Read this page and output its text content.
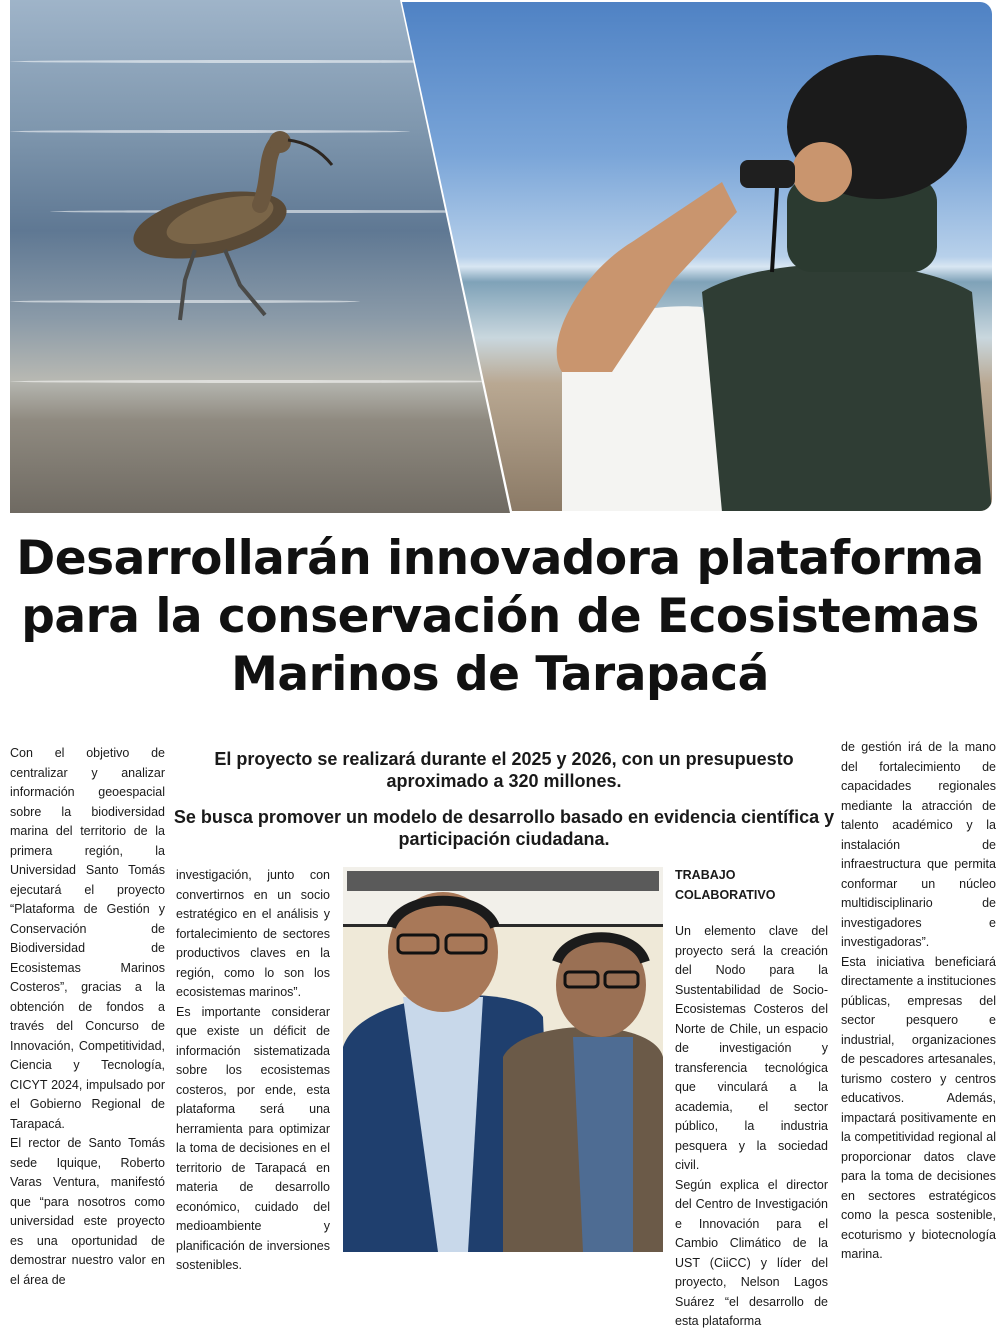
Desarrollarán innovadora plataforma para la conservación de Ecosistemas Marinos de Tarapacá

El proyecto se realizará durante el 2025 y 2026, con un presupuesto aproximado a 320 millones.

Se busca promover un modelo de desarrollo basado en evidencia científica y participación ciudadana.

Con el objetivo de centralizar y analizar información geoespacial sobre la biodiversidad marina del territorio de la primera región, la Universidad Santo Tomás ejecutará el proyecto “Plataforma de Gestión y Conservación de Biodiversidad de Ecosistemas Marinos Costeros”, gracias a la obtención de fondos a través del Concurso de Innovación, Competitividad, Ciencia y Tecnología, CICYT 2024, impulsado por el Gobierno Regional de Tarapacá.

El rector de Santo Tomás sede Iquique, Roberto Varas Ventura, manifestó que “para nosotros como universidad este proyecto es una oportunidad de demostrar nuestro valor en el área de

investigación, junto con convertirnos en un socio estratégico en el análisis y fortalecimiento de sectores productivos claves en la región, como lo son los ecosistemas marinos”.

Es importante considerar que existe un déficit de información sistematizada sobre los ecosistemas costeros, por ende, esta plataforma será una herramienta para optimizar la toma de decisiones en el territorio de Tarapacá en materia de desarrollo económico, cuidado del medioambiente y planificación de inversiones sostenibles.

TRABAJO COLABORATIVO

Un elemento clave del proyecto será la creación del Nodo para la Sustentabilidad de Socio-Ecosistemas Costeros del Norte de Chile, un espacio de investigación y transferencia tecnológica que vinculará a la academia, el sector público, la industria pesquera y la sociedad civil.

Según explica el director del Centro de Investigación e Innovación para el Cambio Climático de la UST (CiiCC) y líder del proyecto, Nelson Lagos Suárez “el desarrollo de esta plataforma

de gestión irá de la mano del fortalecimiento de capacidades regionales mediante la atracción de talento académico y la instalación de infraestructura que permita conformar un núcleo multidisciplinario de investigadores e investigadoras”.

Esta iniciativa beneficiará directamente a instituciones públicas, empresas del sector pesquero e industrial, organizaciones de pescadores artesanales, turismo costero y centros educativos. Además, impactará positivamente en la competitividad regional al proporcionar datos clave para la toma de decisiones en sectores estratégicos como la pesca sostenible, ecoturismo y biotecnología marina.
